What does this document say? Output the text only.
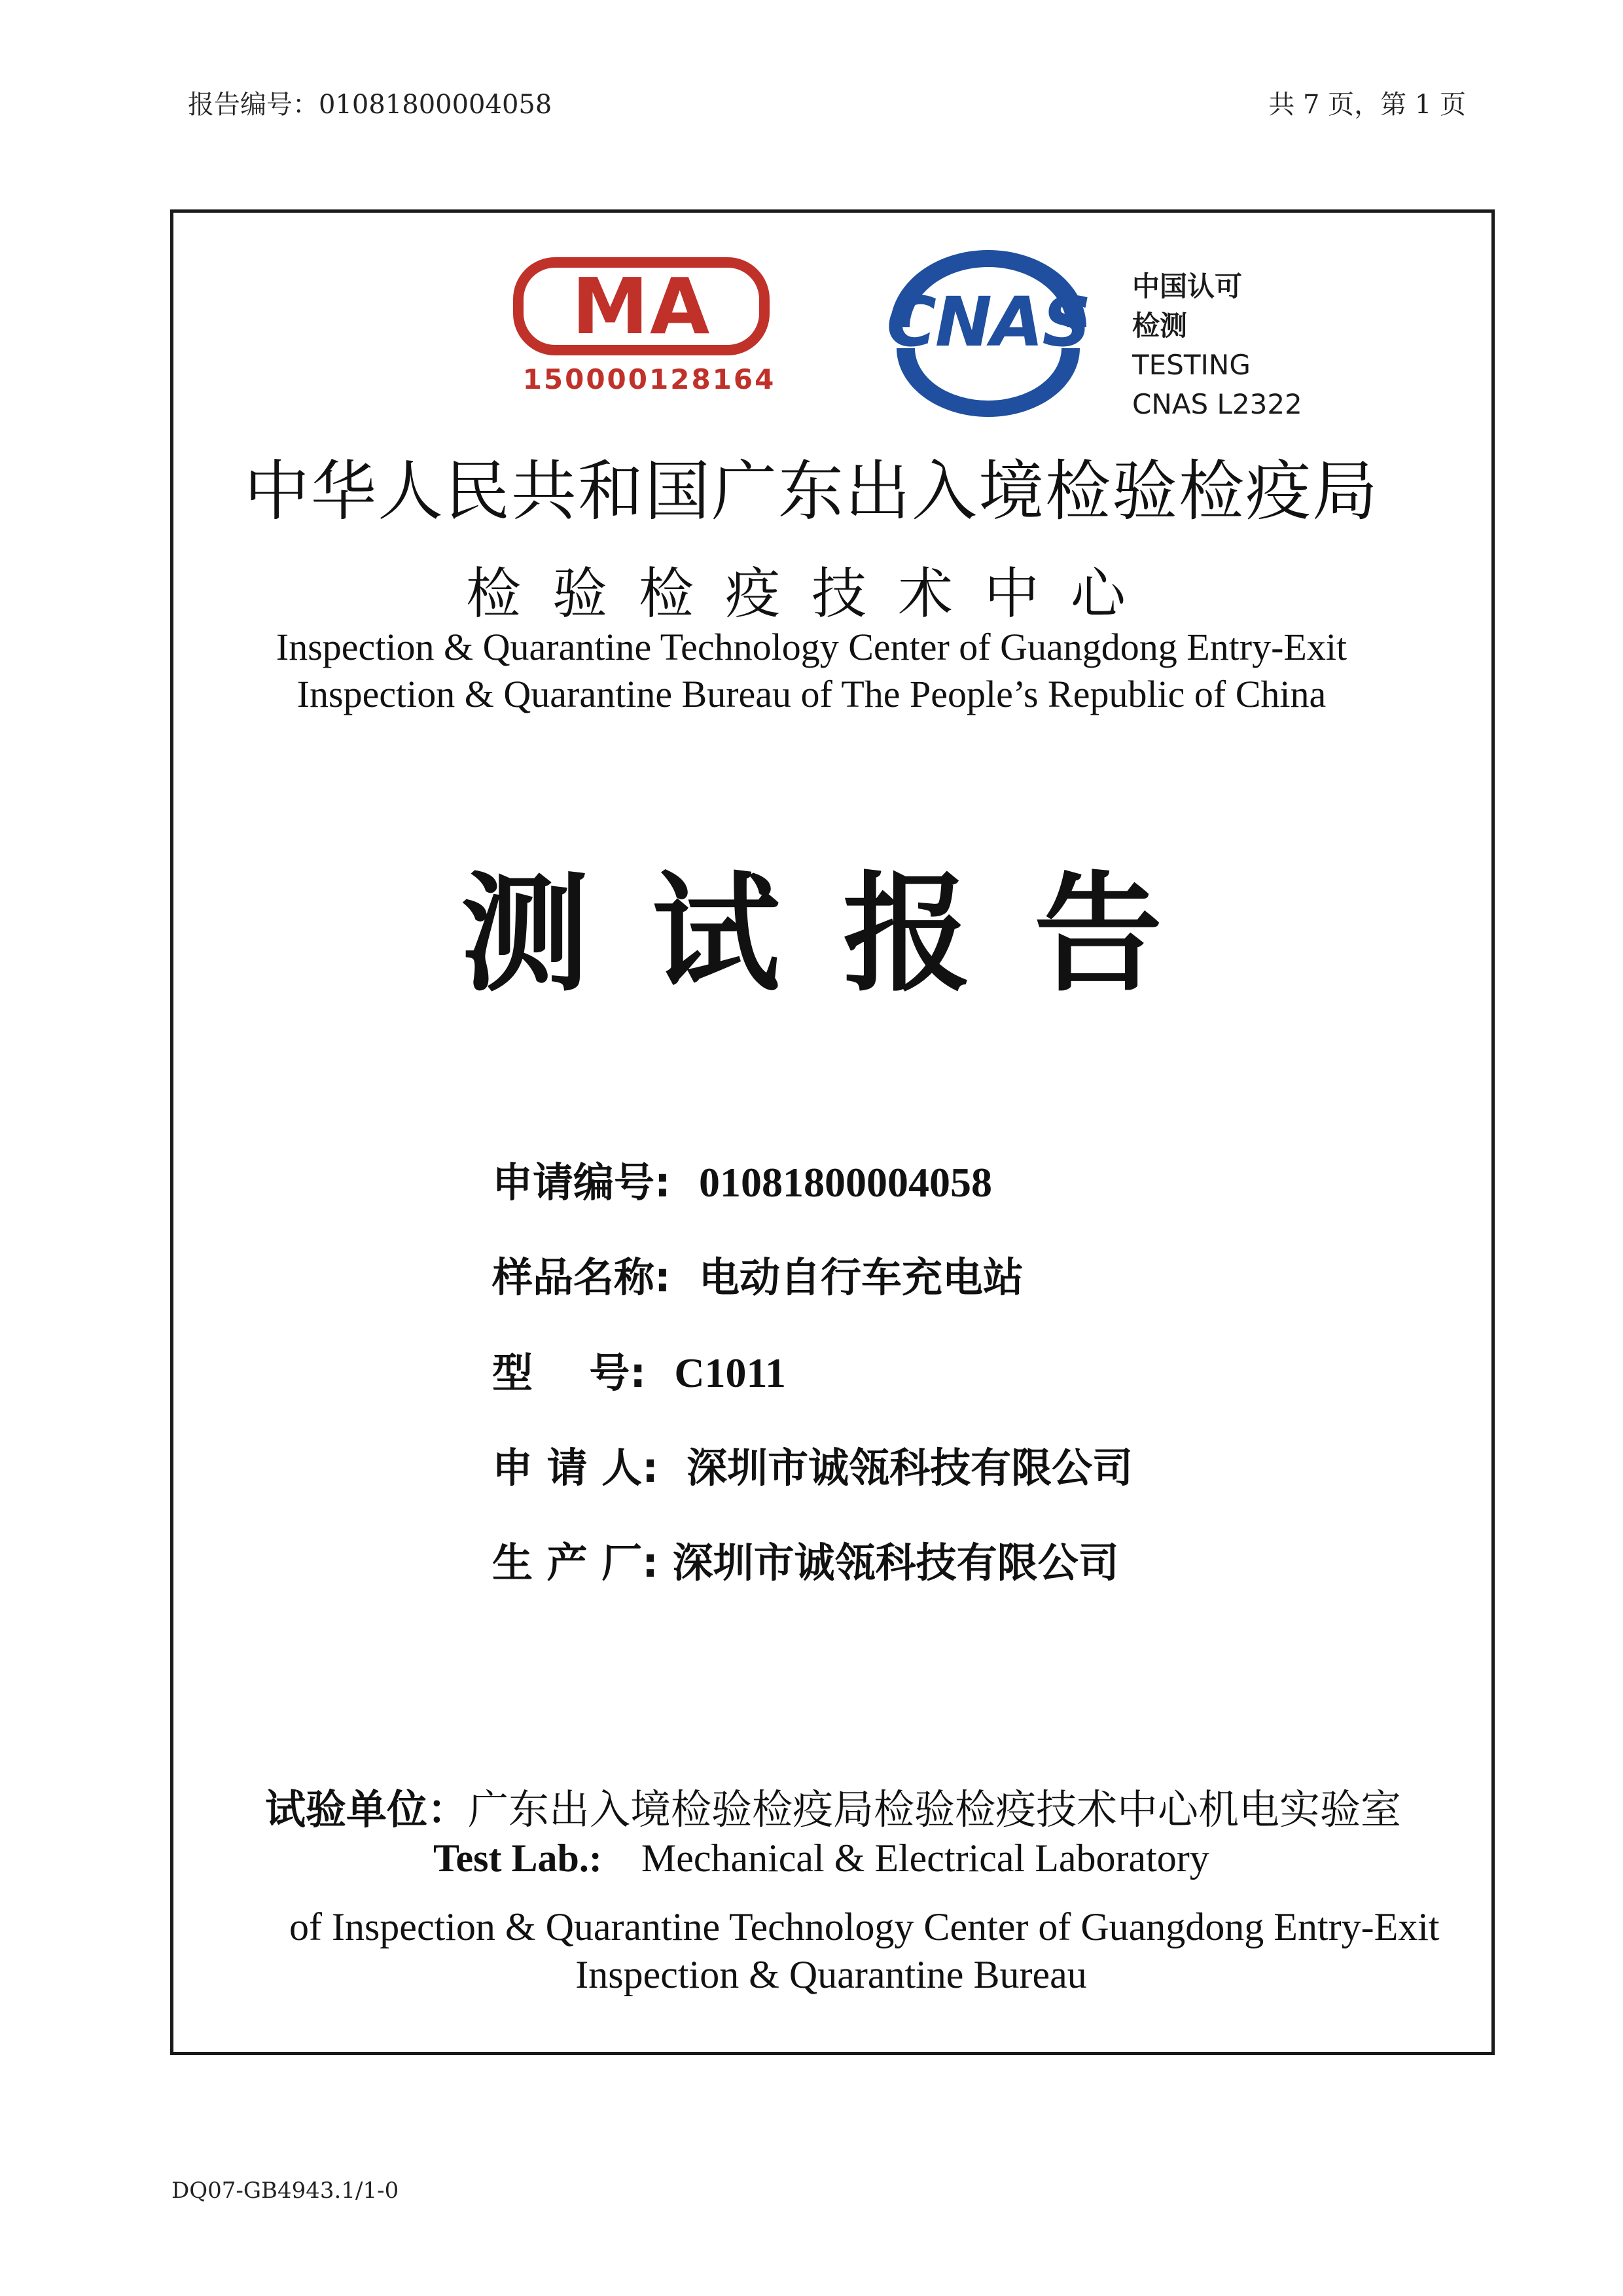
报告编号：01081800004058	共 7 页，第 1 页
MA
150000128164
CNAS	中国认可
检测
TESTING
CNAS L2322
中华人民共和国广东出入境检验检疫局
检验检疫技术中心
Inspection & Quarantine Technology Center of Guangdong Entry-Exit
Inspection & Quarantine Bureau of The People’s Republic of China
测试报告
申请编号: 01081800004058
样品名称: 电动自行车充电站
型    号: C1011
申 请 人: 深圳市诚瓴科技有限公司
生 产 厂: 深圳市诚瓴科技有限公司
试验单位：广东出入境检验检疫局检验检疫技术中心机电实验室
Test Lab.: Mechanical & Electrical Laboratory
of Inspection & Quarantine Technology Center of Guangdong Entry-Exit
Inspection & Quarantine Bureau
DQ07-GB4943.1/1-0
